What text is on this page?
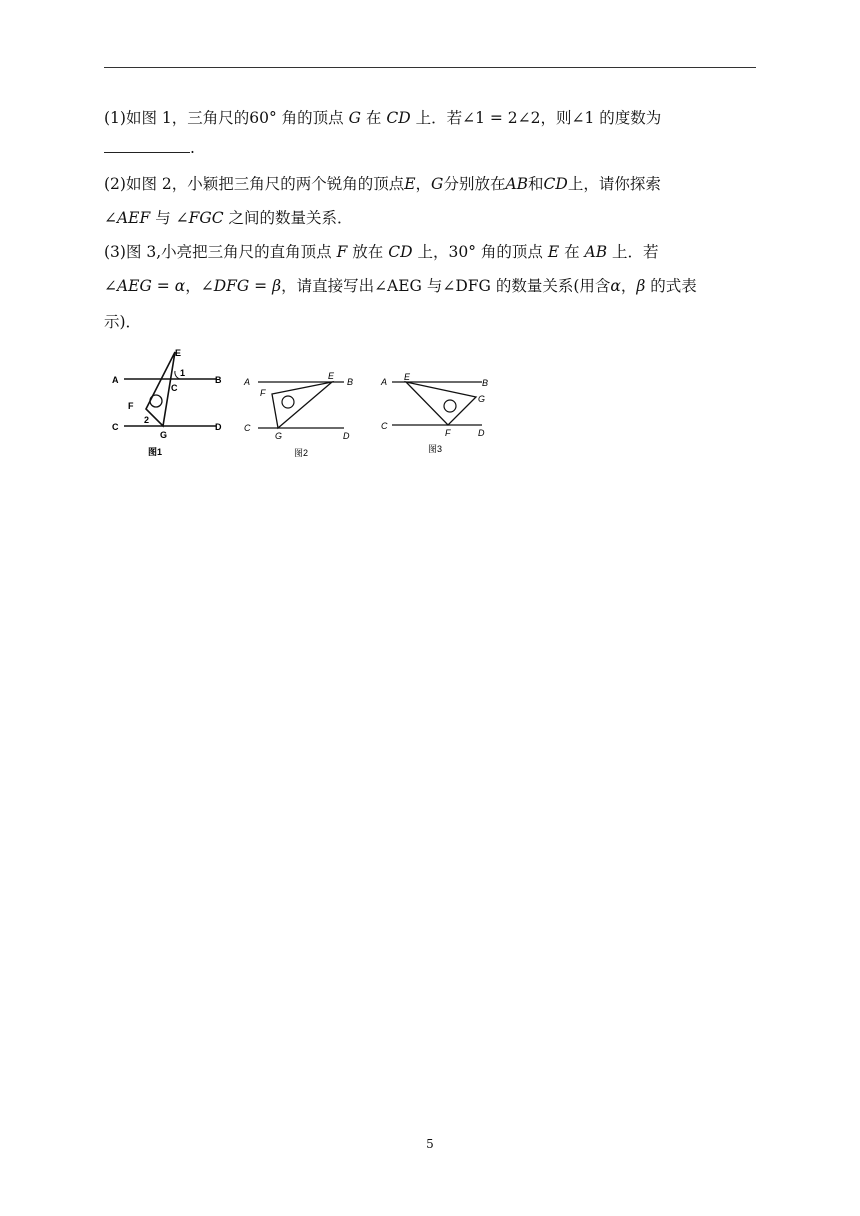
(1)如图 1，三角尺的60° 角的顶点 G 在 CD 上．若∠1 = 2∠2，则∠1 的度数为
.
(2)如图 2，小颖把三角尺的两个锐角的顶点𝐸，𝐺分别放在𝐴𝐵和𝐶𝐷上，请你探索
∠AEF 与 ∠FGC 之间的数量关系．
(3)图 3,小亮把三角尺的直角顶点 F 放在 CD 上，30° 角的顶点 E 在 AB 上．若
∠AEG = α，∠DFG = β，请直接写出∠AEG 与∠DFG 的数量关系(用含α，β 的式表
示)．
E
1
C
A	B
F
2
C
G
D
图1
A
E
B
F
C
G	D
图2
A E
B
G
C
F	D
图3
5
